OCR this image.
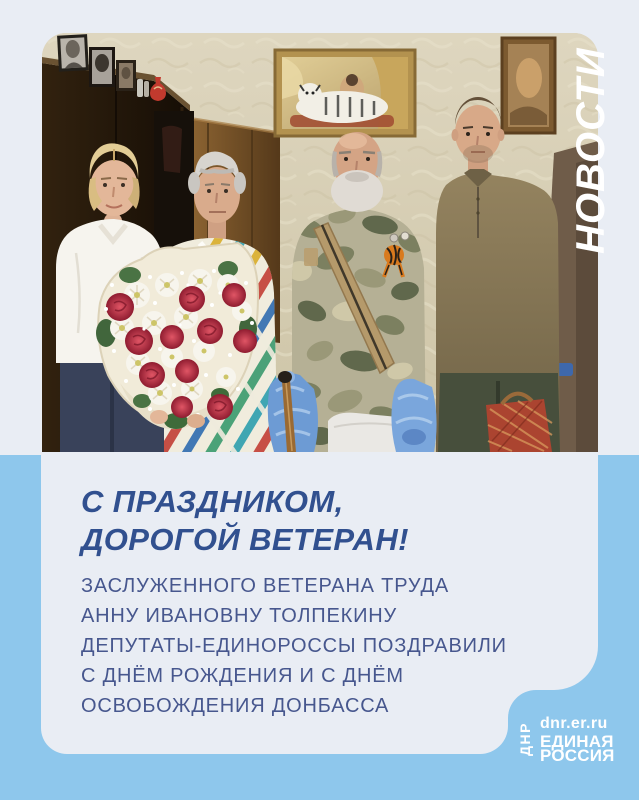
НОВОСТИ
С ПРАЗДНИКОМ,
ДОРОГОЙ ВЕТЕРАН!
ЗАСЛУЖЕННОГО ВЕТЕРАНА ТРУДА
АННУ ИВАНОВНУ ТОЛПЕКИНУ
ДЕПУТАТЫ-ЕДИНОРОССЫ ПОЗДРАВИЛИ
С ДНЁМ РОЖДЕНИЯ И С ДНЁМ
ОСВОБОЖДЕНИЯ ДОНБАССА
ДНР dnr.er.ru
ЕДИНАЯ
РОССИЯ
